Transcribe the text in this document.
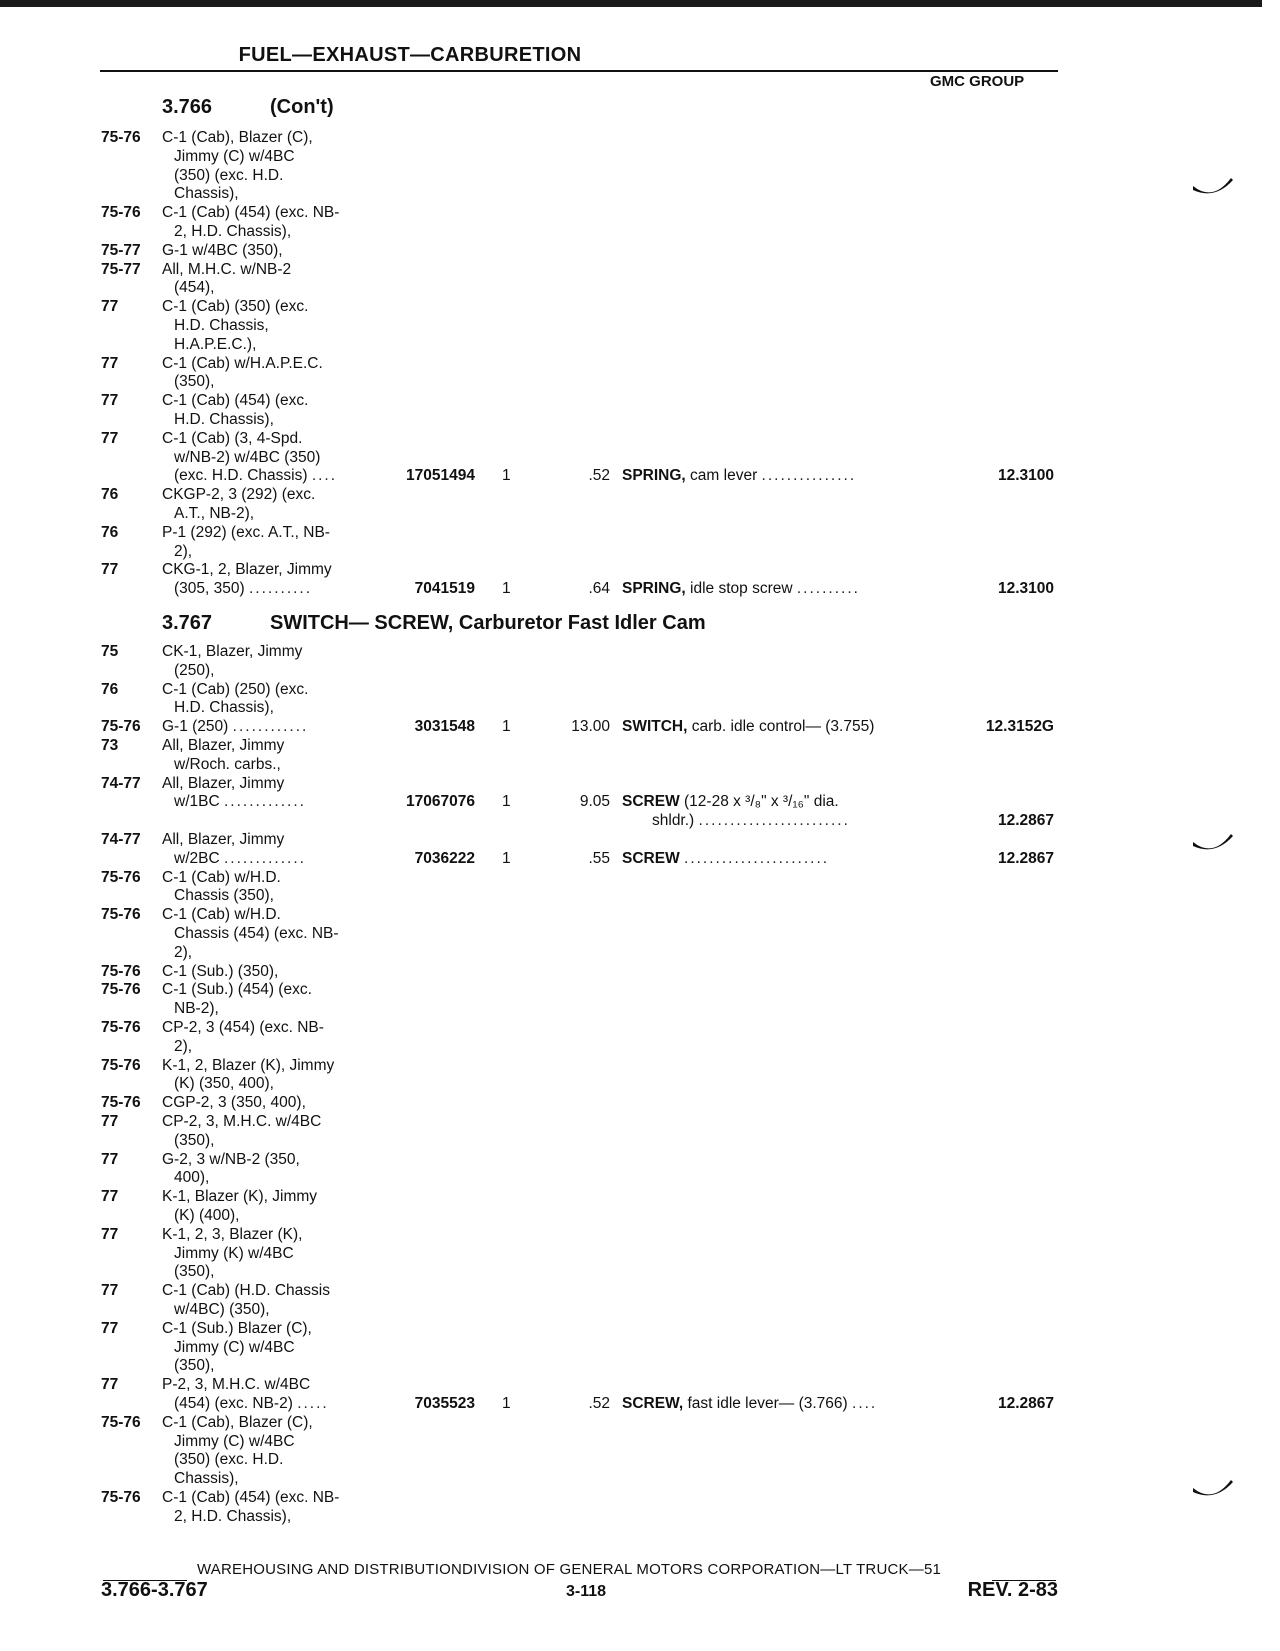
FUEL—EXHAUST—CARBURETION
GMC GROUP
3.766	(Con't)
3.767	SWITCH— SCREW, Carburetor Fast Idler Cam
75-76 C-1 (Cab), Blazer (C),
Jimmy (C) w/4BC
(350) (exc. H.D.
Chassis),
75-76 C-1 (Cab) (454) (exc. NB-
2, H.D. Chassis),
75-77 G-1 w/4BC (350),
75-77 All, M.H.C. w/NB-2
(454),
77	C-1 (Cab) (350) (exc.
H.D. Chassis,
H.A.P.E.C.),
77	C-1 (Cab) w/H.A.P.E.C.
(350),
77	C-1 (Cab) (454) (exc.
H.D. Chassis),
77	C-1 (Cab) (3, 4-Spd.
w/NB-2) w/4BC (350)
(exc. H.D. Chassis) ....	17051494 1	.52 SPRING, cam lever ...............	12.3100
76	CKGP-2, 3 (292) (exc.
A.T., NB-2),
76	P-1 (292) (exc. A.T., NB-
2),
77	CKG-1, 2, Blazer, Jimmy
(305, 350) ..........	7041519 1	.64 SPRING, idle stop screw ..........	12.3100
75	CK-1, Blazer, Jimmy
(250),
76	C-1 (Cab) (250) (exc.
H.D. Chassis),
75-76 G-1 (250) ............	3031548 1	13.00 SWITCH, carb. idle control— (3.755)	12.3152G
73	All, Blazer, Jimmy
w/Roch. carbs.,
74-77 All, Blazer, Jimmy
w/1BC .............	17067076 1	9.05 SCREW (12-28 x ³/₈" x ³/₁₆" dia.
shldr.) ........................	12.2867
74-77 All, Blazer, Jimmy
w/2BC .............	7036222 1	.55 SCREW .......................	12.2867
75-76 C-1 (Cab) w/H.D.
Chassis (350),
75-76 C-1 (Cab) w/H.D.
Chassis (454) (exc. NB-
2),
75-76 C-1 (Sub.) (350),
75-76 C-1 (Sub.) (454) (exc.
NB-2),
75-76 CP-2, 3 (454) (exc. NB-
2),
75-76 K-1, 2, Blazer (K), Jimmy
(K) (350, 400),
75-76 CGP-2, 3 (350, 400),
77	CP-2, 3, M.H.C. w/4BC
(350),
77	G-2, 3 w/NB-2 (350,
400),
77	K-1, Blazer (K), Jimmy
(K) (400),
77	K-1, 2, 3, Blazer (K),
Jimmy (K) w/4BC
(350),
77	C-1 (Cab) (H.D. Chassis
w/4BC) (350),
77	C-1 (Sub.) Blazer (C),
Jimmy (C) w/4BC
(350),
77	P-2, 3, M.H.C. w/4BC
(454) (exc. NB-2) .....	7035523 1	.52 SCREW, fast idle lever— (3.766) ....	12.2867
75-76 C-1 (Cab), Blazer (C),
Jimmy (C) w/4BC
(350) (exc. H.D.
Chassis),
75-76 C-1 (Cab) (454) (exc. NB-
2, H.D. Chassis),
WAREHOUSING AND DISTRIBUTIONDIVISION OF GENERAL MOTORS CORPORATION—LT TRUCK—51
3.766-3.767	3-118	REV. 2-83
